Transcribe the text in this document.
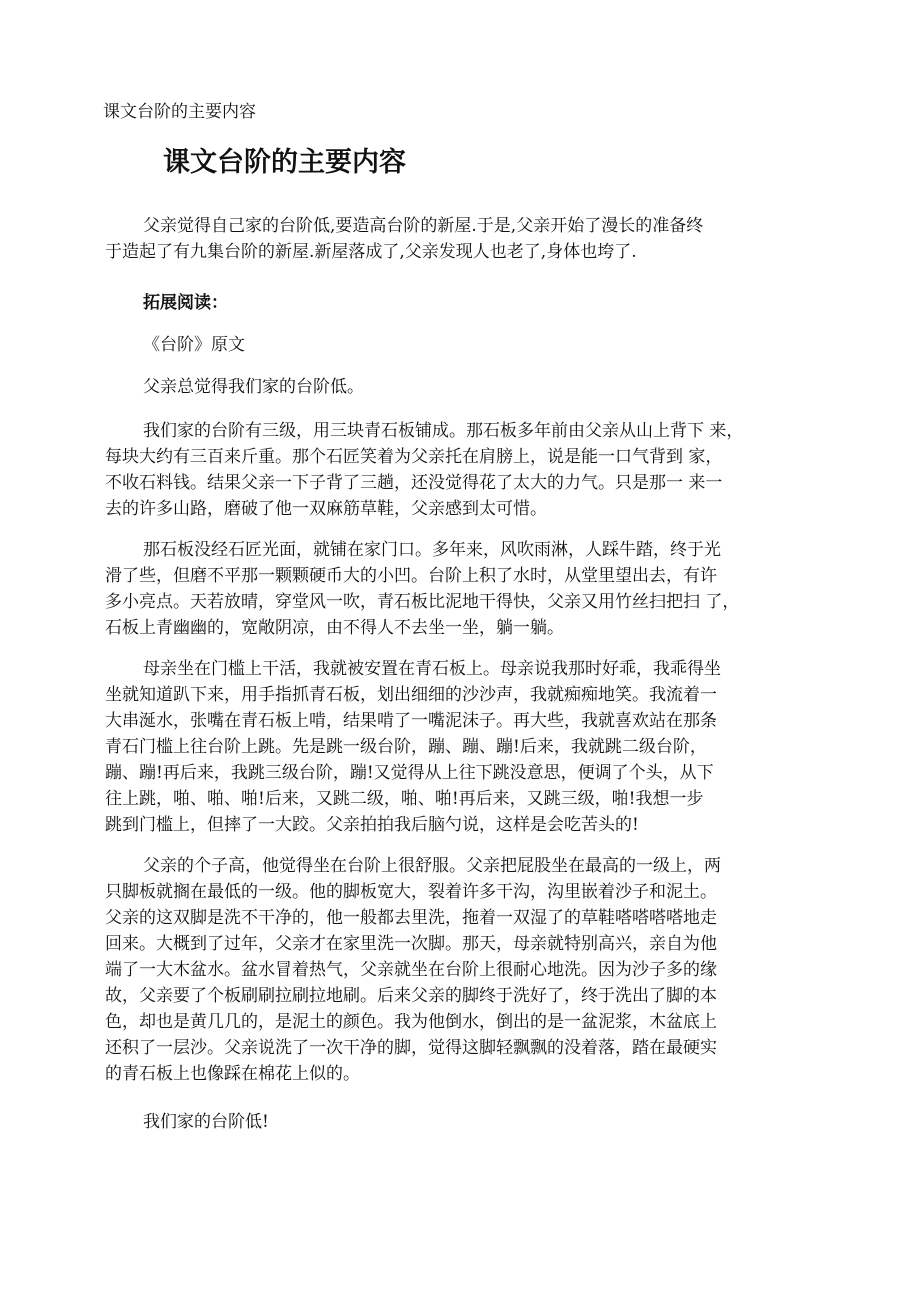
课文台阶的主要内容
课文台阶的主要内容
父亲觉得自己家的台阶低,要造高台阶的新屋.于是,父亲开始了漫长的准备终
于造起了有九集台阶的新屋.新屋落成了,父亲发现人也老了,身体也垮了.
拓展阅读：
《台阶》原文
父亲总觉得我们家的台阶低。
我们家的台阶有三级，用三块青石板铺成。那石板多年前由父亲从山上背下 来，
每块大约有三百来斤重。那个石匠笑着为父亲托在肩膀上，说是能一口气背到 家，
不收石料钱。结果父亲一下子背了三趟，还没觉得花了太大的力气。只是那一 来一
去的许多山路，磨破了他一双麻筋草鞋，父亲感到太可惜。
那石板没经石匠光面，就铺在家门口。多年来，风吹雨淋，人踩牛踏，终于光
滑了些，但磨不平那一颗颗硬币大的小凹。台阶上积了水时，从堂里望出去，有许
多小亮点。天若放晴，穿堂风一吹，青石板比泥地干得快，父亲又用竹丝扫把扫 了，
石板上青幽幽的，宽敞阴凉，由不得人不去坐一坐，躺一躺。
母亲坐在门槛上干活，我就被安置在青石板上。母亲说我那时好乖，我乖得坐
坐就知道趴下来，用手指抓青石板，划出细细的沙沙声，我就痴痴地笑。我流着一
大串涎水，张嘴在青石板上啃，结果啃了一嘴泥沫子。再大些，我就喜欢站在那条
青石门槛上往台阶上跳。先是跳一级台阶，蹦、蹦、蹦!后来，我就跳二级台阶，
蹦、蹦!再后来，我跳三级台阶，蹦!又觉得从上往下跳没意思，便调了个头，从下
往上跳，啪、啪、啪!后来，又跳二级，啪、啪!再后来，又跳三级，啪!我想一步
跳到门槛上，但摔了一大跤。父亲拍拍我后脑勺说，这样是会吃苦头的!
父亲的个子高，他觉得坐在台阶上很舒服。父亲把屁股坐在最高的一级上，两
只脚板就搁在最低的一级。他的脚板宽大，裂着许多干沟，沟里嵌着沙子和泥土。
父亲的这双脚是洗不干净的，他一般都去里洗，拖着一双湿了的草鞋嗒嗒嗒嗒地走
回来。大概到了过年，父亲才在家里洗一次脚。那天，母亲就特别高兴，亲自为他
端了一大木盆水。盆水冒着热气，父亲就坐在台阶上很耐心地洗。因为沙子多的缘
故，父亲要了个板刷刷拉刷拉地刷。后来父亲的脚终于洗好了，终于洗出了脚的本
色，却也是黄几几的，是泥土的颜色。我为他倒水，倒出的是一盆泥浆，木盆底上
还积了一层沙。父亲说洗了一次干净的脚，觉得这脚轻飘飘的没着落，踏在最硬实
的青石板上也像踩在棉花上似的。
我们家的台阶低!
